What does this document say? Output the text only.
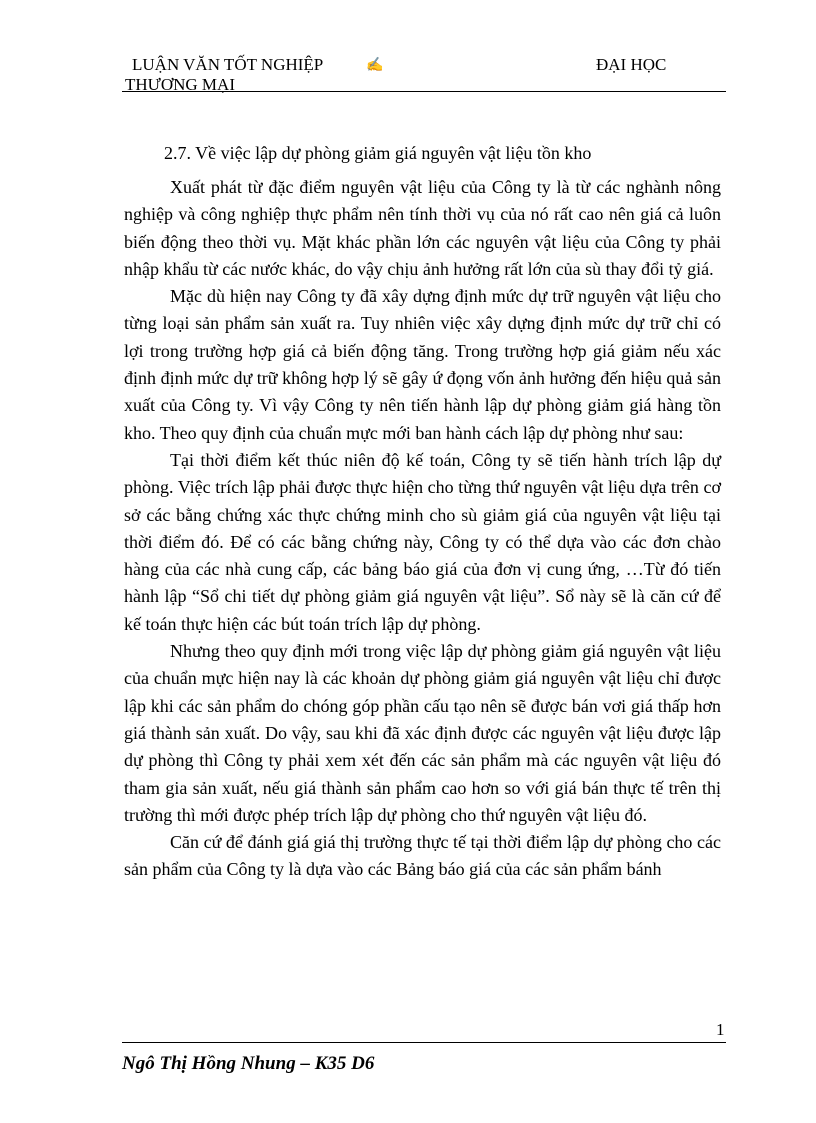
LUẬN VĂN TỐT NGHIỆP	✍	ĐẠI HỌC
THƯƠNG MẠI

2.7. Về việc lập dự phòng giảm giá nguyên vật liệu tồn kho

Xuất phát từ đặc điểm nguyên vật liệu của Công ty là từ các nghành nông nghiệp và công nghiệp thực phẩm nên tính thời vụ của nó rất cao nên giá cả luôn biến động theo thời vụ. Mặt khác phần lớn các nguyên vật liệu của Công ty phải nhập khẩu từ các nước khác, do vậy chịu ảnh hưởng rất lớn của sù thay đổi tỷ giá.

Mặc dù hiện nay Công ty đã xây dựng định mức dự trữ nguyên vật liệu cho từng loại sản phẩm sản xuất ra. Tuy nhiên việc xây dựng định mức dự trữ chỉ có lợi trong trường hợp giá cả biến động tăng. Trong trường hợp giá giảm nếu xác định định mức dự trữ không hợp lý sẽ gây ứ đọng vốn ảnh hưởng đến hiệu quả sản xuất của Công ty. Vì vậy Công ty nên tiến hành lập dự phòng giảm giá hàng tồn kho. Theo quy định của chuẩn mực mới ban hành cách lập dự phòng như sau:

Tại thời điểm kết thúc niên độ kế toán, Công ty sẽ tiến hành trích lập dự phòng. Việc trích lập phải được thực hiện cho từng thứ nguyên vật liệu dựa trên cơ sở các bằng chứng xác thực chứng minh cho sù giảm giá của nguyên vật liệu tại thời điểm đó. Để có các bằng chứng này, Công ty có thể dựa vào các đơn chào hàng của các nhà cung cấp, các bảng báo giá của đơn vị cung ứng, …Từ đó tiến hành lập “Sổ chi tiết dự phòng giảm giá nguyên vật liệu”. Sổ này sẽ là căn cứ để kế toán thực hiện các bút toán trích lập dự phòng.

Nhưng theo quy định mới trong việc lập dự phòng giảm giá nguyên vật liệu của chuẩn mực hiện nay là các khoản dự phòng giảm giá nguyên vật liệu chỉ được lập khi các sản phẩm do chóng góp phần cấu tạo nên sẽ được bán vơi giá thấp hơn giá thành sản xuất. Do vậy, sau khi đã xác định được các nguyên vật liệu được lập dự phòng thì Công ty phải xem xét đến các sản phẩm mà các nguyên vật liệu đó tham gia sản xuất, nếu giá thành sản phẩm cao hơn so với giá bán thực tế trên thị trường thì mới được phép trích lập dự phòng cho thứ nguyên vật liệu đó.

Căn cứ để đánh giá giá thị trường thực tế tại thời điểm lập dự phòng cho các sản phẩm của Công ty là dựa vào các Bảng báo giá của các sản phẩm bánh

1
Ngô Thị Hồng Nhung – K35 D6
